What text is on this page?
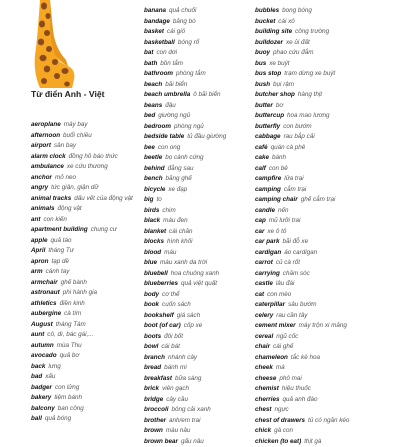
Từ điển Anh - Việt
aeroplane máy bay
afternoon buổi chiều
airport sân bay
alarm clock đồng hồ báo thức
ambulance xe cứu thương
anchor mỏ neo
angry tức giận, giận dữ
animal tracks dấu vết của động vật
animals động vật
ant con kiến
apartment building chung cư
apple quả táo
April tháng Tư
apron tạp dề
arm cánh tay
armchair ghế bành
astronaut phi hành gia
athletics điền kinh
aubergine cà tím
August tháng Tám
aunt cô, dì, bác gái,...
autumn mùa Thu
avocado quả bơ
back lưng
bad xấu
badger con lửng
bakery tiệm bánh
balcony ban công
ball quả bóng
banana quả chuối
bandage băng bó
basket cái giỏ
basketball bóng rổ
bat con dơi
bath bồn tắm
bathroom phòng tắm
beach bãi biển
beach umbrella ô bãi biển
beans đậu
bed giường ngủ
bedroom phòng ngủ
bedside table tủ đầu giường
bee con ong
beetle bọ cánh cứng
behind đằng sau
bench băng ghế
bicycle xe đạp
big to
birds chim
black màu đen
blanket cái chăn
blocks hình khối
blood máu
blue màu xanh da trời
bluebell hoa chuông xanh
blueberries quả việt quất
body cơ thể
book cuốn sách
bookshelf giá sách
boot (of car) cốp xe
boots đôi bốt
bowl cái bát
branch nhánh cây
bread bánh mì
breakfast bữa sáng
brick viên gạch
bridge cây cầu
broccoli bông cải xanh
brother anh/em trai
brown màu nâu
brown bear gấu nâu
bubbles bong bóng
bucket cái xô
building site công trường
bulldozer xe ủi đất
buoy phao cứu đắm
bus xe buýt
bus stop trạm dừng xe buýt
bush bụi rậm
butcher shop hàng thịt
butter bơ
buttercup hoa mao lương
butterfly con bướm
cabbage rau bắp cải
café quán cà phê
cake bánh
calf con bê
campfire lửa trại
camping cắm trại
camping chair ghế cắm trại
candle nến
cap mũ lưỡi trai
car xe ô tô
car park bãi đỗ xe
cardigan áo cardigan
carrot củ cà rốt
carrying chăm sóc
castle lâu đài
cat con mèo
caterpillar sâu bướm
celery rau cần tây
cement mixer máy trộn xi măng
cereal ngũ cốc
chair cái ghế
chameleon tắc kè hoa
cheek má
cheese phô mai
chemist hiệu thuốc
cherries quả anh đào
chest ngực
chest of drawers tủ có ngăn kéo
chick gà con
chicken (to eat) thịt gà
